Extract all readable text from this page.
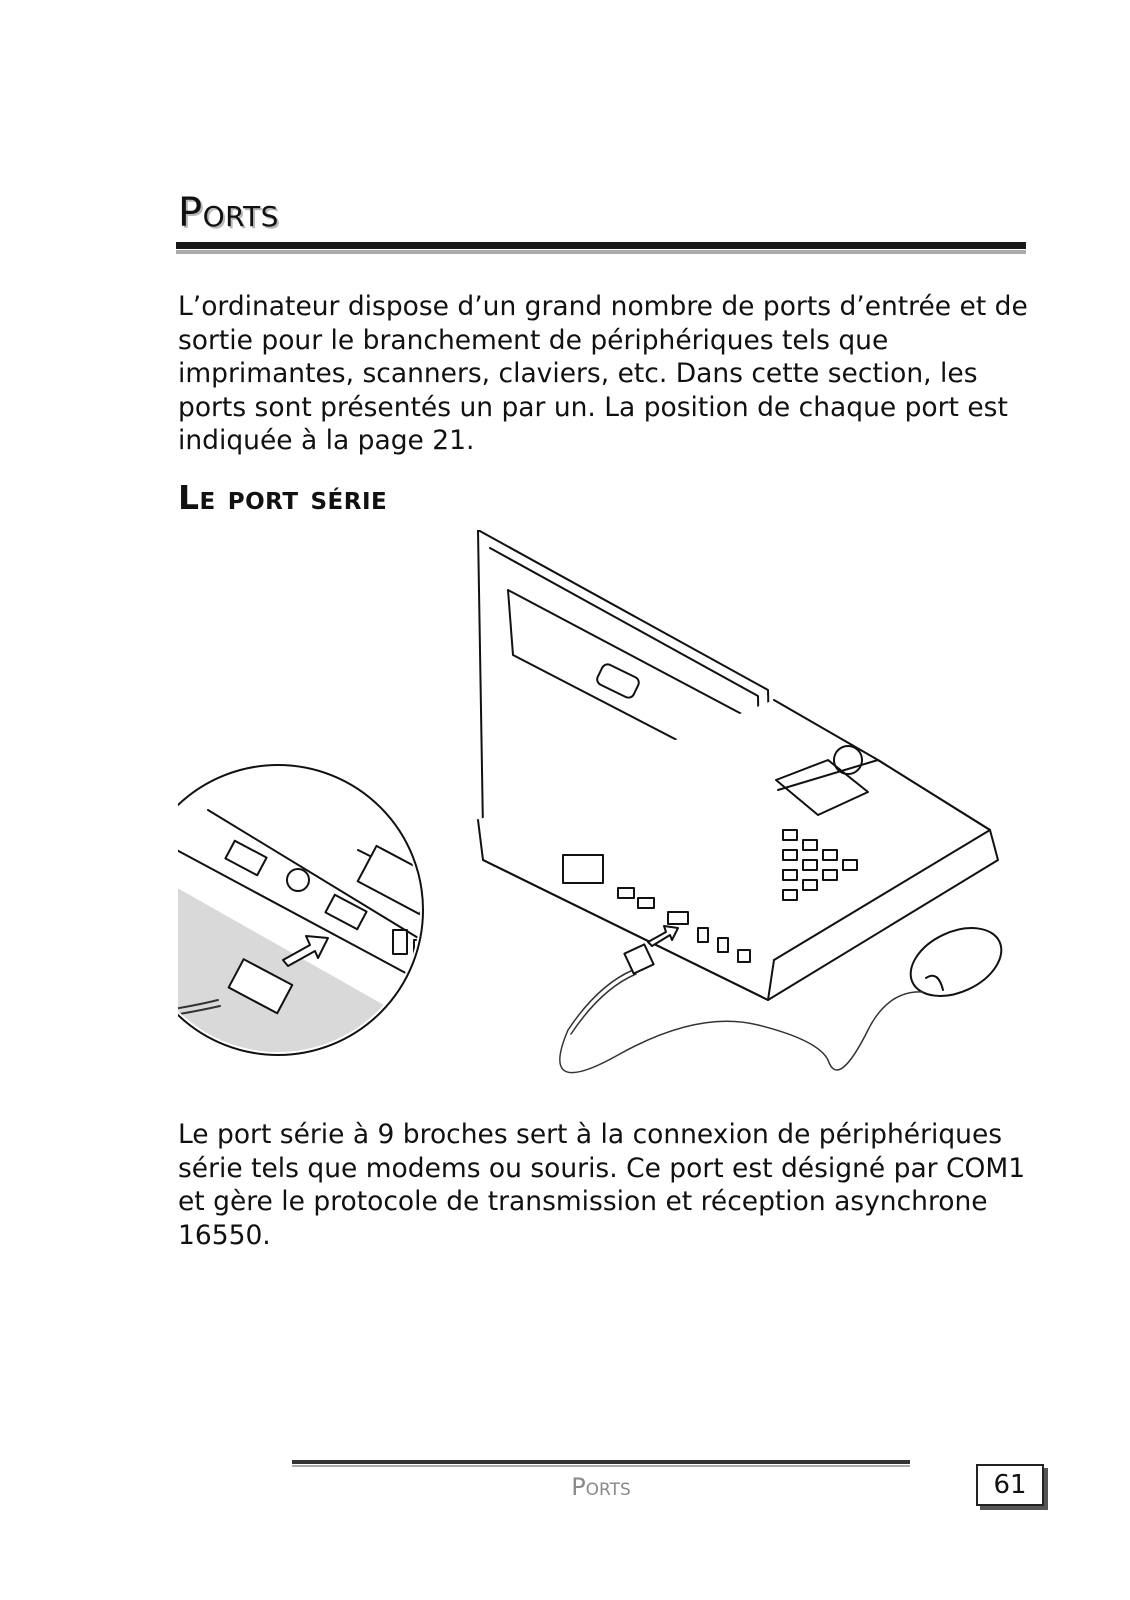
Ports

L’ordinateur dispose d’un grand nombre de ports d’entrée et de sortie pour le branchement de périphériques tels que imprimantes, scanners, claviers, etc. Dans cette section, les ports sont présentés un par un. La position de chaque port est indiquée à la page 21.

Le port série

Le port série à 9 broches sert à la connexion de périphériques série tels que modems ou souris. Ce port est désigné par COM1 et gère le protocole de transmission et réception asynchrone 16550.

Ports	61
